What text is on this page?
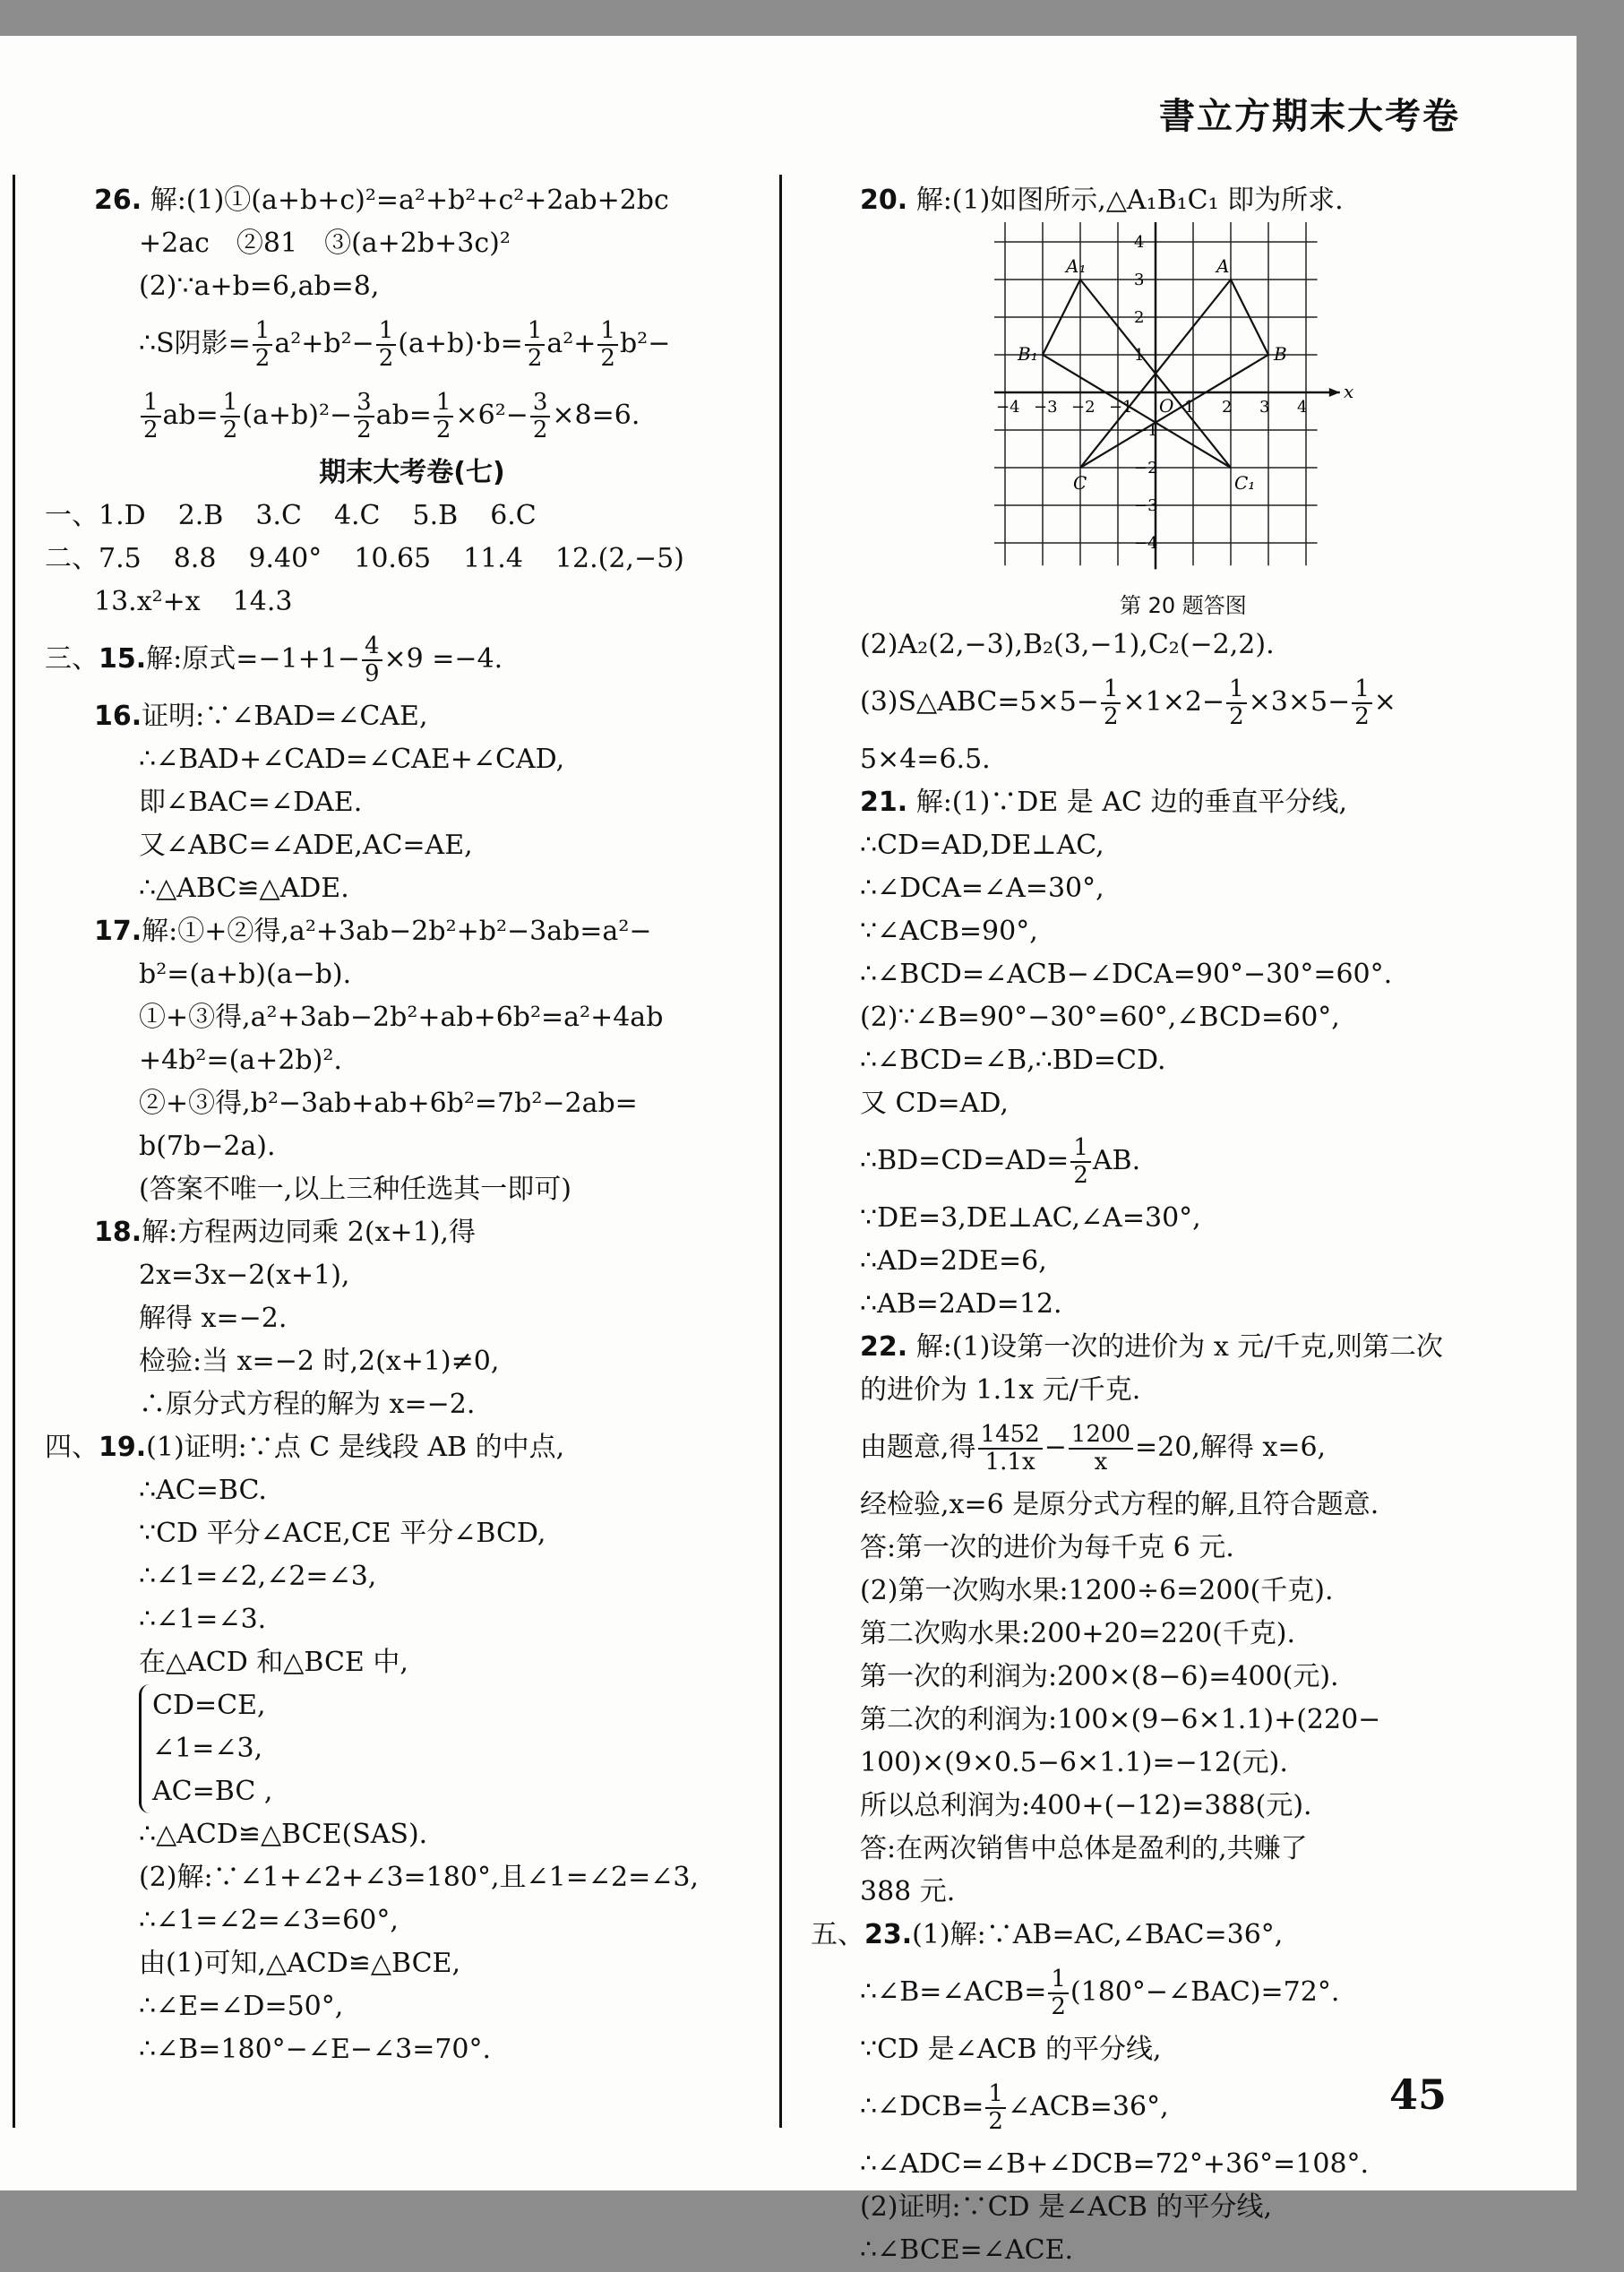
書立方期末大考卷
26. 解:(1)①(a+b+c)²=a²+b²+c²+2ab+2bc
+2ac　②81　③(a+2b+3c)²
(2)∵a+b=6,ab=8,
∴S阴影= $\frac{1}{2} a^2+b^2- \frac{1}{2} (a+b)\cdot b= \frac{1}{2} a^2+ \frac{1}{2} b^2-$
$\frac{1}{2} ab= \frac{1}{2} (a+b)^2- \frac{3}{2} ab= \frac{1}{2} \times 6^2- \frac{3}{2} \times 8=6$.
期末大考卷(七)
一、1.D 2.B 3.C 4.C 5.B 6.C
二、7.5 8.8 9.40° 10.65 11.4 12.(2,−5)
13.x²+x 14.3
三、15.解:原式$=-1+1- \frac{4}{9} \times 9 =-4$.
16.证明:∵∠BAD=∠CAE,
∴∠BAD+∠CAD=∠CAE+∠CAD,
即∠BAC=∠DAE.
又∠ABC=∠ADE,AC=AE,
∴△ABC≌△ADE.
17.解:①+②得,a²+3ab−2b²+b²−3ab=a²−
b²=(a+b)(a−b).
①+③得,a²+3ab−2b²+ab+6b²=a²+4ab
+4b²=(a+2b)².
②+③得,b²−3ab+ab+6b²=7b²−2ab=
b(7b−2a).
(答案不唯一,以上三种任选其一即可)
18.解:方程两边同乘 2(x+1),得
2x=3x−2(x+1),
解得 x=−2.
检验:当 x=−2 时,2(x+1)≠0,
∴原分式方程的解为 x=−2.
四、19.(1)证明:∵点 C 是线段 AB 的中点,
∴AC=BC.
∵CD 平分∠ACE,CE 平分∠BCD,
∴∠1=∠2,∠2=∠3,
∴∠1=∠3.
在△ACD 和△BCE 中,
CD=CE,
∠1=∠3,
AC=BC ,
∴△ACD≌△BCE(SAS).
(2)解:∵∠1+∠2+∠3=180°,且∠1=∠2=∠3,
∴∠1=∠2=∠3=60°,
由(1)可知,△ACD≌△BCE,
∴∠E=∠D=50°,
∴∠B=180°−∠E−∠3=70°.
20. 解:(1)如图所示,△A₁B₁C₁ 即为所求.
x
O
−4 −3 −2 −1	1 2 3 4
4
3
2
1
−1
−2
−3
−4
A
B
C
A₁
B₁
C₁
第 20 题答图
(2)A₂(2,−3),B₂(3,−1),C₂(−2,2).
(3)S△ABC=5×5− $\frac{1}{2} \times 1\times 2- \frac{1}{2} \times 3\times 5- \frac{1}{2}$ ×
5×4=6.5.
21. 解:(1)∵DE 是 AC 边的垂直平分线,
∴CD=AD,DE⊥AC,
∴∠DCA=∠A=30°,
∵∠ACB=90°,
∴∠BCD=∠ACB−∠DCA=90°−30°=60°.
(2)∵∠B=90°−30°=60°,∠BCD=60°,
∴∠BCD=∠B,∴BD=CD.
又 CD=AD,
∴BD=CD=AD= $\frac{1}{2}$ AB.
∵DE=3,DE⊥AC,∠A=30°,
∴AD=2DE=6,
∴AB=2AD=12.
22. 解:(1)设第一次的进价为 x 元/千克,则第二次
的进价为 1.1x 元/千克.
由题意,得 $\frac{1452}{1.1x} - \frac{1200}{x} =20$,解得 x=6,
经检验,x=6 是原分式方程的解,且符合题意.
答:第一次的进价为每千克 6 元.
(2)第一次购水果:1200÷6=200(千克).
第二次购水果:200+20=220(千克).
第一次的利润为:200×(8−6)=400(元).
第二次的利润为:100×(9−6×1.1)+(220−
100)×(9×0.5−6×1.1)=−12(元).
所以总利润为:400+(−12)=388(元).
答:在两次销售中总体是盈利的,共赚了
388 元.
五、23.(1)解:∵AB=AC,∠BAC=36°,
∴∠B=∠ACB= $\frac{1}{2}$ (180°−∠BAC)=72°.
∵CD 是∠ACB 的平分线,
∴∠DCB= $\frac{1}{2}$ ∠ACB=36°,
∴∠ADC=∠B+∠DCB=72°+36°=108°.
(2)证明:∵CD 是∠ACB 的平分线,
∴∠BCE=∠ACE.
45
